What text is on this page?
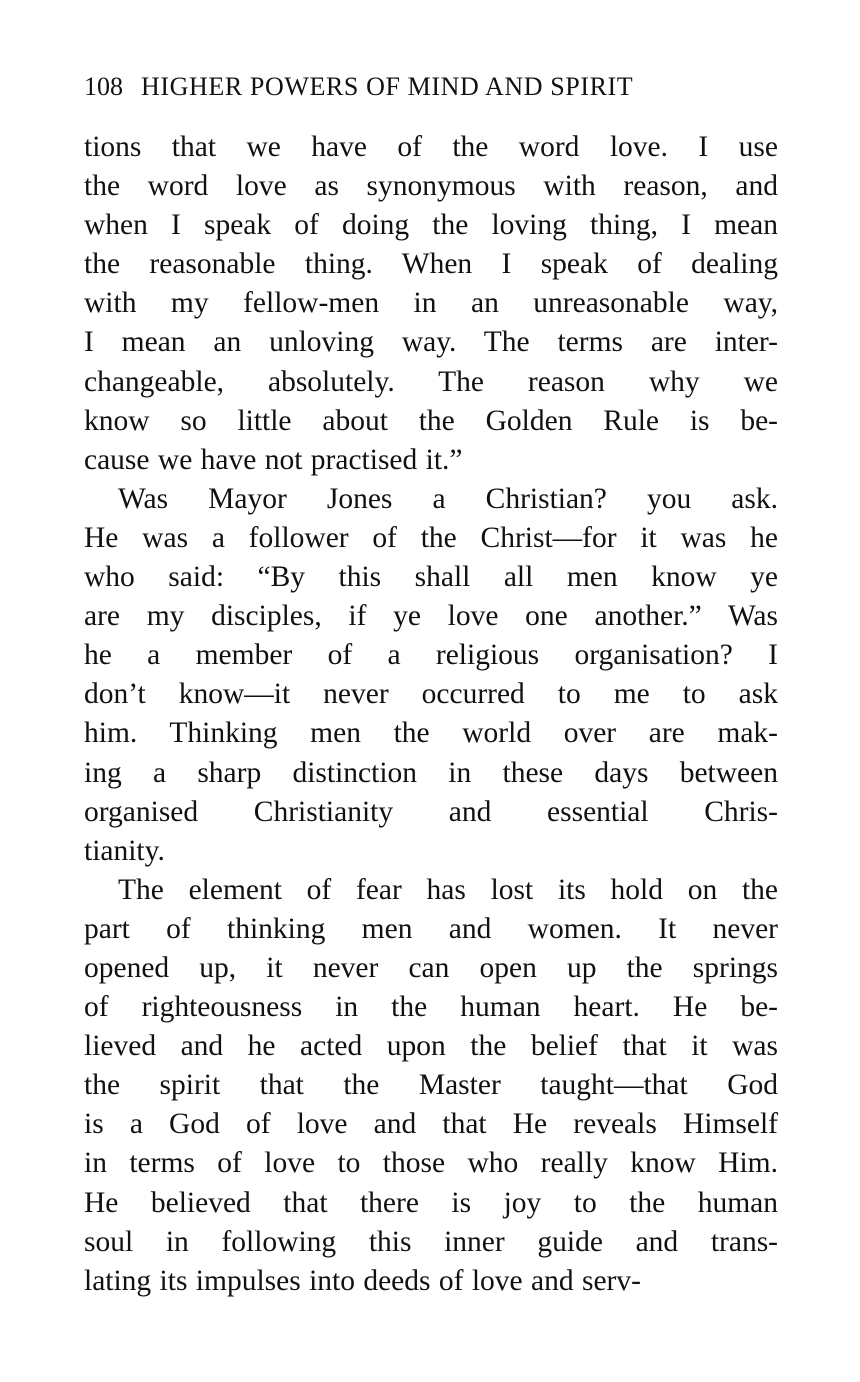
108 HIGHER POWERS OF MIND AND SPIRIT
tions that we have of the word love. I use
the word love as synonymous with reason, and
when I speak of doing the loving thing, I mean
the reasonable thing. When I speak of dealing
with my fellow-men in an unreasonable way,
I mean an unloving way. The terms are inter-
changeable, absolutely. The reason why we
know so little about the Golden Rule is be-
cause we have not practised it.”
Was Mayor Jones a Christian? you ask.
He was a follower of the Christ—for it was he
who said: “By this shall all men know ye
are my disciples, if ye love one another.” Was
he a member of a religious organisation? I
don’t know—it never occurred to me to ask
him. Thinking men the world over are mak-
ing a sharp distinction in these days between
organised Christianity and essential Chris-
tianity.
The element of fear has lost its hold on the
part of thinking men and women. It never
opened up, it never can open up the springs
of righteousness in the human heart. He be-
lieved and he acted upon the belief that it was
the spirit that the Master taught—that God
is a God of love and that He reveals Himself
in terms of love to those who really know Him.
He believed that there is joy to the human
soul in following this inner guide and trans-
lating its impulses into deeds of love and serv-
